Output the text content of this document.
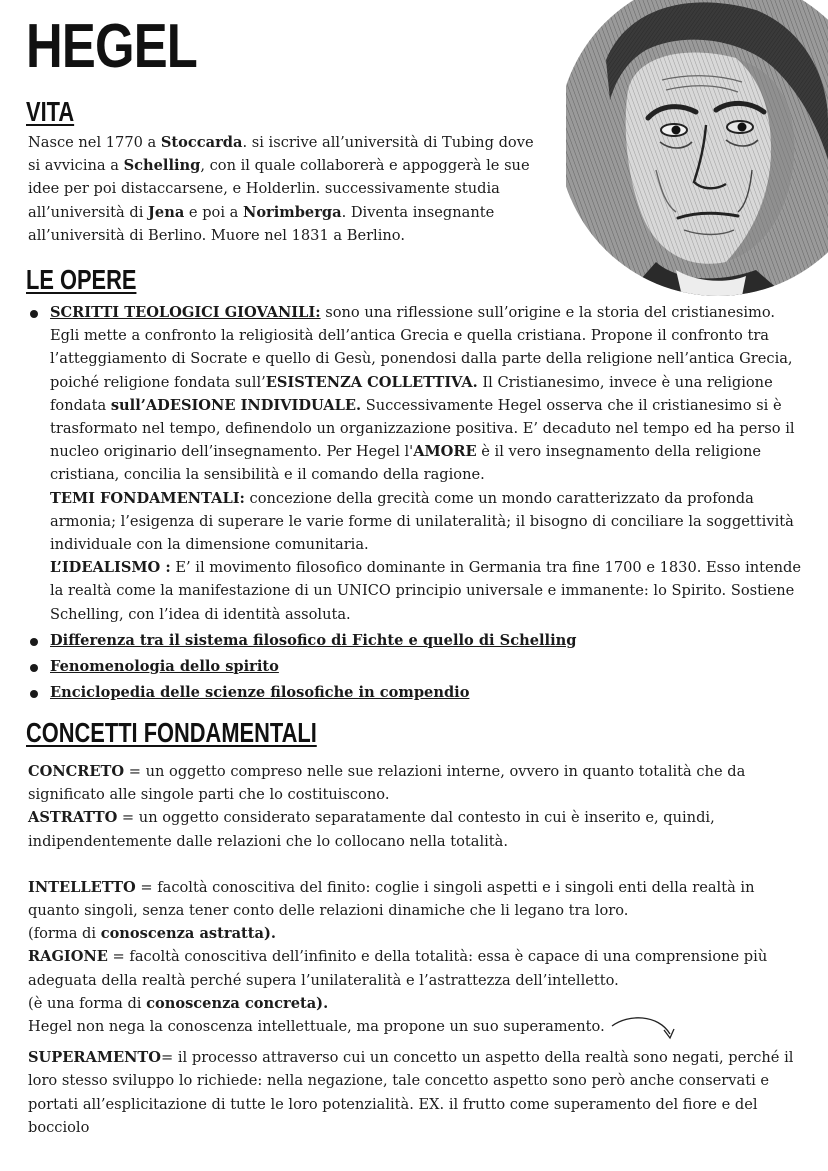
HEGEL
VITA

Nasce nel 1770 a Stoccarda. si iscrive all’università di Tubing dove si avvicina a Schelling, con il quale collaborerà e appoggerà le sue idee per poi distaccarsene, e Holderlin. successivamente studia all’università di Jena e poi a Norimberga. Diventa insegnante all’università di Berlino. Muore nel 1831 a Berlino.

LE OPERE

SCRITTI TEOLOGICI GIOVANILI: sono una riflessione sull’origine e la storia del cristianesimo. Egli mette a confronto la religiosità dell’antica Grecia e quella cristiana. Propone il confronto tra l’atteggiamento di Socrate e quello di Gesù, ponendosi dalla parte della religione nell’antica Grecia, poiché religione fondata sull’ESISTENZA COLLETTIVA. Il Cristianesimo, invece è una religione fondata sull’ADESIONE INDIVIDUALE. Successivamente Hegel osserva che il cristianesimo si è trasformato nel tempo, definendolo un organizzazione positiva. E’ decaduto nel tempo ed ha perso il nucleo originario dell’insegnamento. Per Hegel l'AMORE è il vero insegnamento della religione cristiana, concilia la sensibilità e il comando della ragione.

TEMI FONDAMENTALI: concezione della grecità come un mondo caratterizzato da profonda armonia; l’esigenza di superare le varie forme di unilateralità; il bisogno di conciliare la soggettività individuale con la dimensione comunitaria.

L’IDEALISMO : E’ il movimento filosofico dominante in Germania tra fine 1700 e 1830. Esso intende la realtà come la manifestazione di un UNICO principio universale e immanente: lo Spirito. Sostiene Schelling, con l’idea di identità assoluta.

Differenza tra il sistema filosofico di Fichte e quello di Schelling
Fenomenologia dello spirito
Enciclopedia delle scienze filosofiche in compendio
CONCETTI FONDAMENTALI

CONCRETO = un oggetto compreso nelle sue relazioni interne, ovvero in quanto totalità che da significato alle singole parti che lo costituiscono.

ASTRATTO = un oggetto considerato separatamente dal contesto in cui è inserito e, quindi, indipendentemente dalle relazioni che lo collocano nella totalità.

INTELLETTO = facoltà conoscitiva del finito: coglie i singoli aspetti e i singoli enti della realtà in quanto singoli, senza tener conto delle relazioni dinamiche che li legano tra loro.

(forma di conoscenza astratta).

RAGIONE = facoltà conoscitiva dell’infinito e della totalità: essa è capace di una comprensione più adeguata della realtà perché supera l’unilateralità e l’astrattezza dell’intelletto.

(è una forma di conoscenza concreta).

Hegel non nega la conoscenza intellettuale, ma propone un suo superamento.

SUPERAMENTO= il processo attraverso cui un concetto un aspetto della realtà sono negati, perché il loro stesso sviluppo lo richiede: nella negazione, tale concetto aspetto sono però anche conservati e portati all’esplicitazione di tutte le loro potenzialità. EX. il frutto come superamento del fiore e del bocciolo
